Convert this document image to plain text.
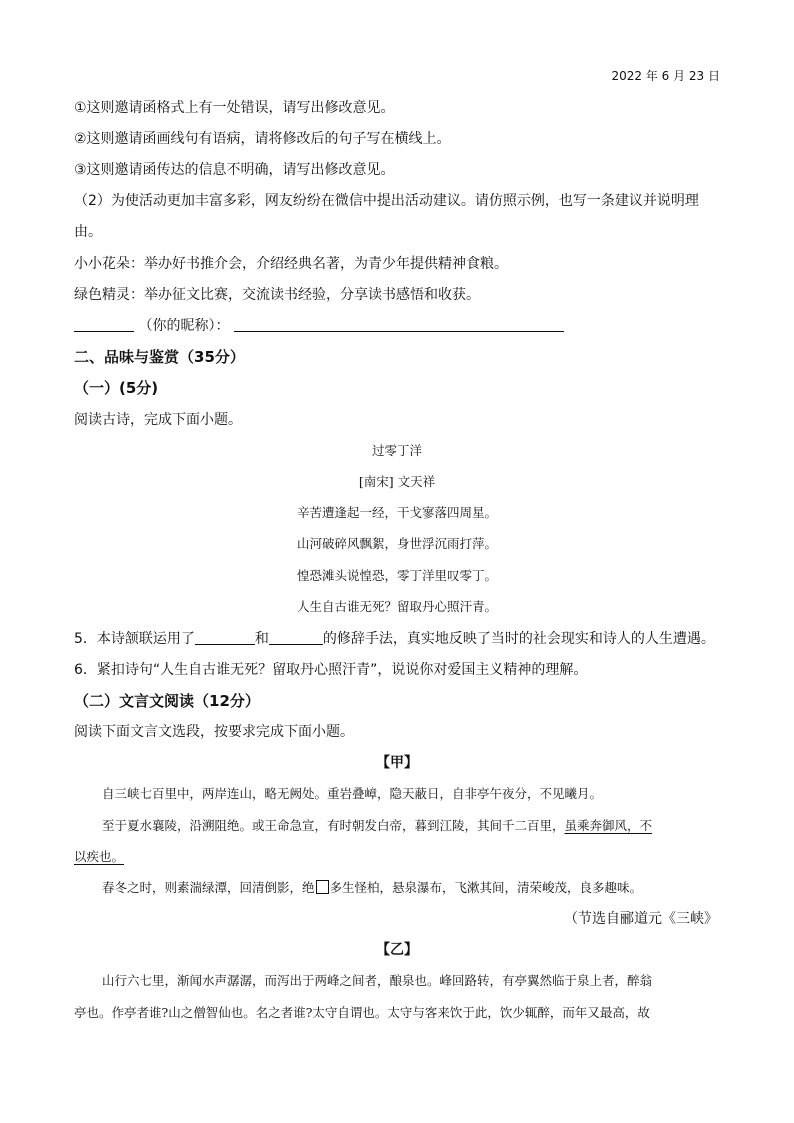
2022 年 6 月 23 日
①这则邀请函格式上有一处错误，请写出修改意见。
②这则邀请函画线句有语病，请将修改后的句子写在横线上。
③这则邀请函传达的信息不明确，请写出修改意见。
（2）为使活动更加丰富多彩，网友纷纷在微信中提出活动建议。请仿照示例，也写一条建议并说明理
由。
小小花朵：举办好书推介会，介绍经典名著，为青少年提供精神食粮。
绿色精灵：举办征文比赛，交流读书经验，分享读书感悟和收获。
（你的昵称）：
二、品味与鉴赏（35分）
（一）(5分)
阅读古诗，完成下面小题。
过零丁洋
[南宋] 文天祥
辛苦遭逢起一经，干戈寥落四周星。
山河破碎风飘絮，身世浮沉雨打萍。
惶恐滩头说惶恐，零丁洋里叹零丁。
人生自古谁无死？留取丹心照汗青。
5．本诗颔联运用了	和	的修辞手法，真实地反映了当时的社会现实和诗人的人生遭遇。
6．紧扣诗句“人生自古谁无死？留取丹心照汗青”，说说你对爱国主义精神的理解。
（二）文言文阅读（12分）
阅读下面文言文选段，按要求完成下面小题。
【甲】
自三峡七百里中，两岸连山，略无阙处。重岩叠嶂，隐天蔽日，自非亭午夜分，不见曦月。
至于夏水襄陵，沿溯阻绝。或王命急宣，有时朝发白帝，暮到江陵，其间千二百里，虽乘奔御风，不
以疾也。
春冬之时，则素湍绿潭，回清倒影，绝 多生怪柏，悬泉瀑布，飞漱其间，清荣峻茂，良多趣味。
（节选自郦道元《三峡》
【乙】
山行六七里，渐闻水声潺潺，而泻出于两峰之间者，酿泉也。峰回路转，有亭翼然临于泉上者，醉翁
亭也。作亭者谁?山之僧智仙也。名之者谁?太守自谓也。太守与客来饮于此，饮少辄醉，而年又最高，故
